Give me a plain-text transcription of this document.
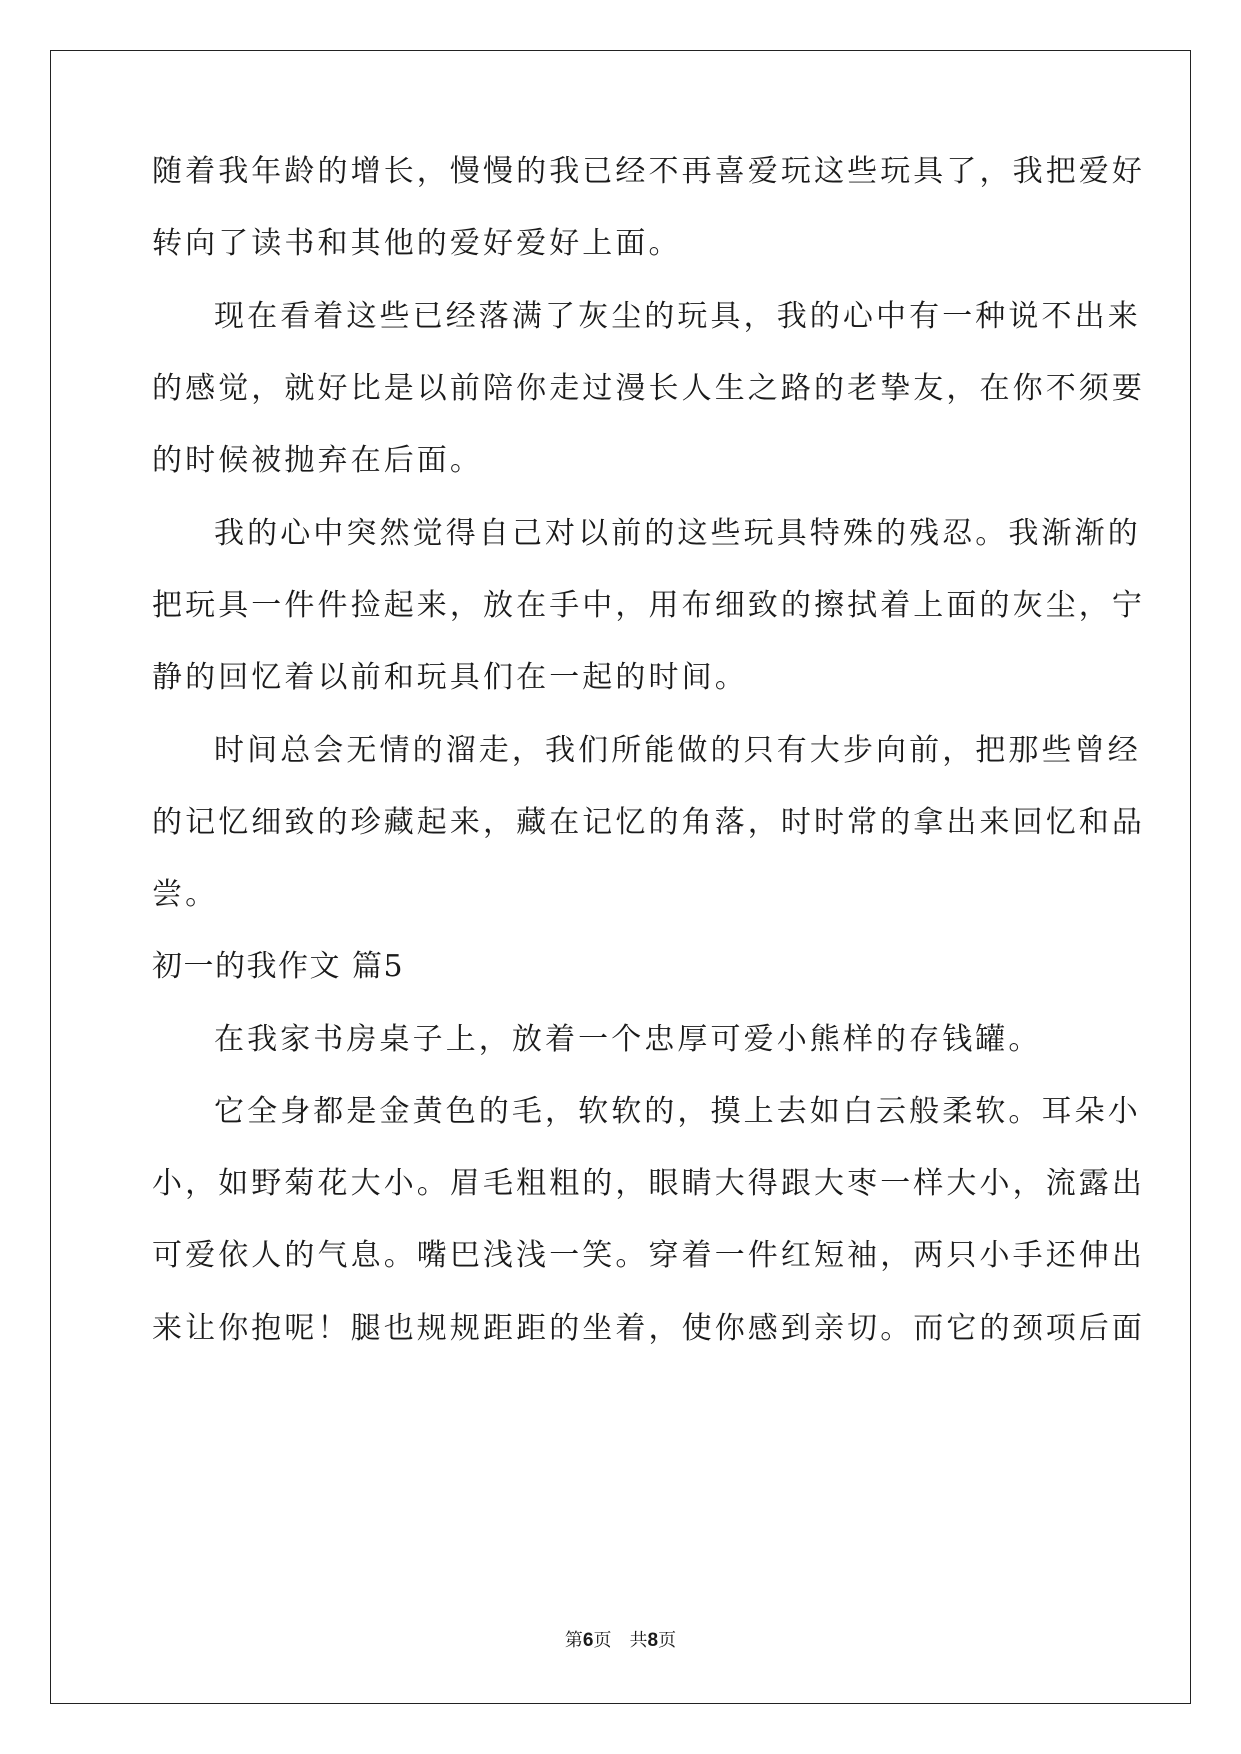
随着我年龄的增长，慢慢的我已经不再喜爱玩这些玩具了，我把爱好
转向了读书和其他的爱好爱好上面。
现在看着这些已经落满了灰尘的玩具，我的心中有一种说不出来
的感觉，就好比是以前陪你走过漫长人生之路的老挚友，在你不须要
的时候被抛弃在后面。
我的心中突然觉得自己对以前的这些玩具特殊的残忍。我渐渐的
把玩具一件件捡起来，放在手中，用布细致的擦拭着上面的灰尘，宁
静的回忆着以前和玩具们在一起的时间。
时间总会无情的溜走，我们所能做的只有大步向前，把那些曾经
的记忆细致的珍藏起来，藏在记忆的角落，时时常的拿出来回忆和品
尝。
初一的我作文 篇5
在我家书房桌子上，放着一个忠厚可爱小熊样的存钱罐。
它全身都是金黄色的毛，软软的，摸上去如白云般柔软。耳朵小
小，如野菊花大小。眉毛粗粗的，眼睛大得跟大枣一样大小，流露出
可爱依人的气息。嘴巴浅浅一笑。穿着一件红短袖，两只小手还伸出
来让你抱呢！腿也规规距距的坐着，使你感到亲切。而它的颈项后面
第6页　共8页
